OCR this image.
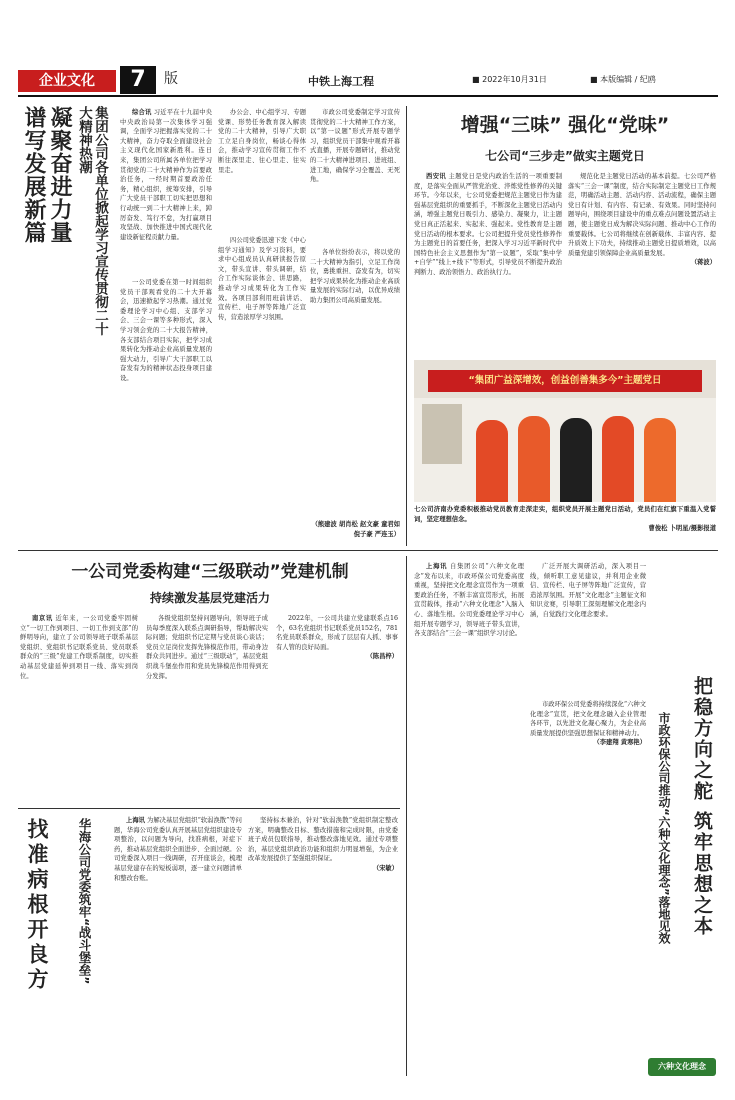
企业文化	7	版	中铁上海工程	■ 2022年10月31日	■ 本版编辑 / 纪鸥

凝聚奋进力量 谱写发展新篇	集团公司各单位掀起学习宣传贯彻二十大精神热潮	综合讯 习近平在十九届中央中央政治局第一次集体学习强调，全面学习把握落实党的二十大精神，奋力夺取全面建设社会主义现代化国家新胜利。连日来，集团公司所属各单位把学习贯彻党的二十大精神作为首要政治任务，一经时期首要政治任务，精心组织，统筹安排，引导广大党员干部职工切实把思想和行动统一到二十大精神上来，踔厉奋发、笃行不怠，为打赢项目攻坚战、加快推进中国式现代化建设新征程贡献力量。

一公司党委在第一时间组织党员干部观看党的二十大开幕会，迅速掀起学习热潮。通过党委理论学习中心组、支部学习会、三会一课等多种形式，深入学习领会党的二十大报告精神，各支部结合项目实际，把学习成果转化为推动企业高质量发展的强大动力，引导广大干部职工以奋发有为的精神状态投身项目建设。

办公会、中心组学习、专题党课、形势任务教育深入解读党的二十大精神，引导广大职工立足自身岗位，畅谈心得体会，推动学习宣传贯彻工作不断往深里走、往心里走、往实里走。

四公司党委迅速下发《中心组学习通知》及学习资料，要求中心组成员认真研读报告原文，带头宣讲、带头调研，结合工作实际谈体会、讲思路，推动学习成果转化为工作实效。各项目部利用班前讲话、宣传栏、电子屏等阵地广泛宣传，营造浓厚学习氛围。

市政公司党委制定学习宣传贯彻党的二十大精神工作方案，以“第一议题”形式开展专题学习，组织党员干部集中观看开幕式直播，开展专题研讨，推动党的二十大精神进项目、进班组、进工地，确保学习全覆盖、无死角。

各单位纷纷表示，将以党的二十大精神为指引，立足工作岗位，勇挑重担、奋发有为，切实把学习成果转化为推动企业高质量发展的实际行动，以优异成绩助力集团公司高质量发展。

（熊建波 胡肖松 赵文豪 童君如 倪子豪 严连玉）
增强“三味” 强化“党味”
七公司“三步走”做实主题党日

西安讯 主题党日是党内政治生活的一项重要制度，是落实全面从严管党治党、淬炼党性修养的关键环节。今年以来，七公司党委把规范主题党日作为建强基层党组织的重要抓手，不断深化主题党日活动内涵，增强主题党日吸引力、感染力、凝聚力，让主题党日真正活起来、实起来、强起来。党性教育是主题党日活动的根本要求。七公司把提升党员党性修养作为主题党日的首要任务，把深入学习习近平新时代中国特色社会主义思想作为“第一议题”，采取“集中学+自学”“线上+线下”等形式，引导党员不断提升政治判断力、政治领悟力、政治执行力。

规范化是主题党日活动的基本前提。七公司严格落实“三会一课”制度，结合实际制定主题党日工作规范，明确活动主题、活动内容、活动流程，确保主题党日有计划、有内容、有记录、有效果。同时坚持问题导向，围绕项目建设中的重点难点问题设置活动主题，使主题党日成为解决实际问题、推动中心工作的重要载体。七公司将继续在创新载体、丰富内容、提升质效上下功夫，持续推动主题党日提质增效，以高质量党建引领保障企业高质量发展。

（蒋波）

“集团广益深增效，创益创善集多今”主题党日

七公司济南办党委积极推动党员教育走深走实，组织党员开展主题党日活动，党员们在红旗下重温入党誓词，坚定理想信念。

曹俊松 卜明星/摄影报道

一公司党委构建“三级联动”党建机制
持续激发基层党建活力

南京讯 近年来，一公司党委牢固树立“一切工作到项目、一切工作到支部”的鲜明导向，建立了公司领导班子联系基层党组织、党组织书记联系党员、党员联系群众的“三级”党建工作联系制度，切实推动基层党建延伸到项目一线、落实到岗位。

各级党组织坚持问题导向，领导班子成员每季度深入联系点调研指导，帮助解决实际问题；党组织书记定期与党员谈心谈话；党员立足岗位发挥先锋模范作用，带动身边群众共同进步。通过“三级联动”，基层党组织战斗堡垒作用和党员先锋模范作用得到充分发挥。

2022年，一公司共建立党建联系点16个，63名党组织书记联系党员152名，781名党员联系群众，形成了层层有人抓、事事有人管的良好局面。

（陈昌梓）

找准病根开良方 华海公司党委筑牢“战斗堡垒”	上海讯 为解决基层党组织“软弱涣散”等问题，华海公司党委认真开展基层党组织建设专项整治，以问题为导向，找准病根，对症下药，推动基层党组织全面进步、全面过硬。公司党委深入项目一线调研，召开座谈会，梳理基层党建存在的短板弱项，逐一建立问题清单和整改台账。

坚持标本兼治，针对“软弱涣散”党组织制定整改方案，明确整改目标、整改措施和完成时限，由党委班子成员包联指导，推动整改落地见效。通过专项整治，基层党组织政治功能和组织力明显增强，为企业改革发展提供了坚强组织保证。

（宋敏）

上海讯 自集团公司“六种文化理念”发布以来，市政环保公司党委高度重视，坚持把文化理念宣贯作为一项重要政治任务，不断丰富宣贯形式，拓展宣贯载体，推动“六种文化理念”入脑入心、落地生根。公司党委理论学习中心组开展专题学习，领导班子带头宣讲，各支部结合“三会一课”组织学习讨论。

广泛开展大调研活动，深入项目一线，倾听职工意见建议，并利用企业微信、宣传栏、电子屏等阵地广泛宣传，营造浓厚氛围。开展“文化理念”主题征文和知识竞赛，引导职工深刻理解文化理念内涵，自觉践行文化理念要求。

市政环保公司党委将持续深化“六种文化理念”宣贯，把文化理念融入企业管理各环节，以先进文化凝心聚力，为企业高质量发展提供坚强思想保证和精神动力。

（李建翔 黄寒艳） 把稳方向之舵 筑牢思想之本

市政环保公司推动“六种文化理念”落地见效

六种文化理念
